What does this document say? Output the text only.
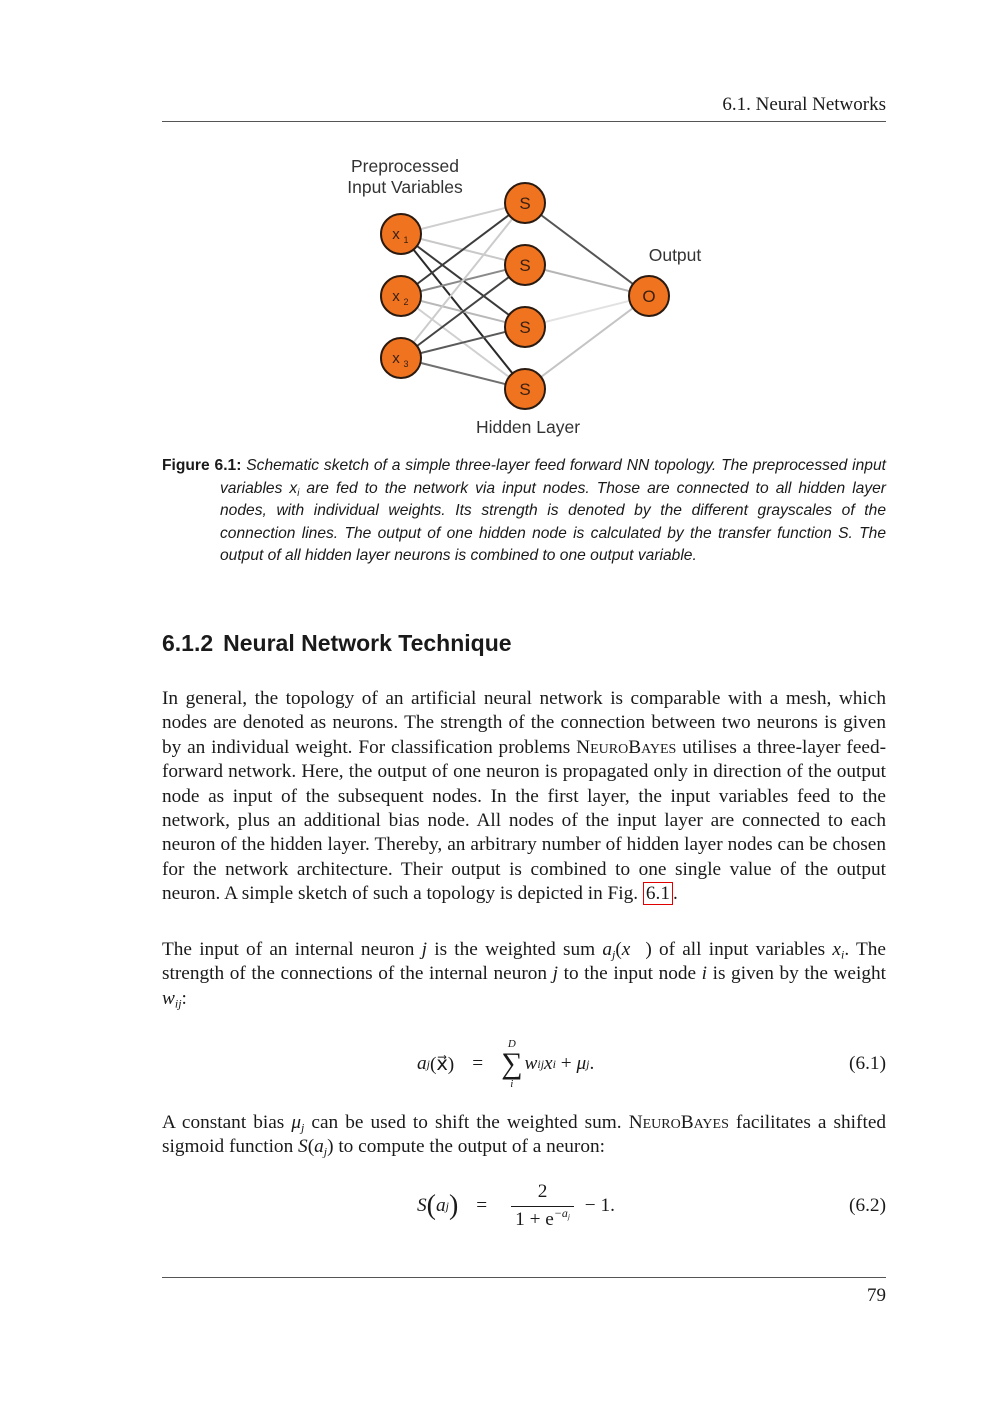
6.1. Neural Networks
Preprocessed
Input Variables
Output
Hidden Layer
x 1
x 2
x 3
S
S
S
S
O
Figure 6.1: Schematic sketch of a simple three-layer feed forward NN topology. The preprocessed input variables $x_i$ are fed to the network via input nodes. Those are connected to all hidden layer nodes, with individual weights. Its strength is denoted by the different grayscales of the connection lines. The output of one hidden node is calculated by the transfer function S. The output of all hidden layer neurons is combined to one output variable.
6.1.2 Neural Network Technique
In general, the topology of an artificial neural network is comparable with a mesh, which nodes are denoted as neurons. The strength of the connection between two neurons is given by an individual weight. For classification problems NeuroBayes utilises a three-layer feed-forward network. Here, the output of one neuron is propagated only in direction of the output node as input of the subsequent nodes. In the first layer, the input variables feed to the network, plus an additional bias node. All nodes of the input layer are connected to each neuron of the hidden layer. Thereby, an arbitrary number of hidden layer nodes can be chosen for the network architecture. Their output is combined to one single value of the output neuron. A simple sketch of such a topology is depicted in Fig. 6.1 .
The input of an internal neuron j is the weighted sum $a_j(x⃗)$ of all input variables $x_i$. The strength of the connections of the internal neuron j to the input node i is given by the weight $w_{ij}$:
a j (x⃗) =
D
∑
i
w ij x i + μ j .	(6.1)
A constant bias $\mu_j$ can be used to shift the weighted sum. NeuroBayes facilitates a shifted sigmoid function $S(a_j)$ to compute the output of a neuron:
S ( a j ) = $\frac{2}{1 + e^{-a_j}} - 1$.	(6.2)
79
